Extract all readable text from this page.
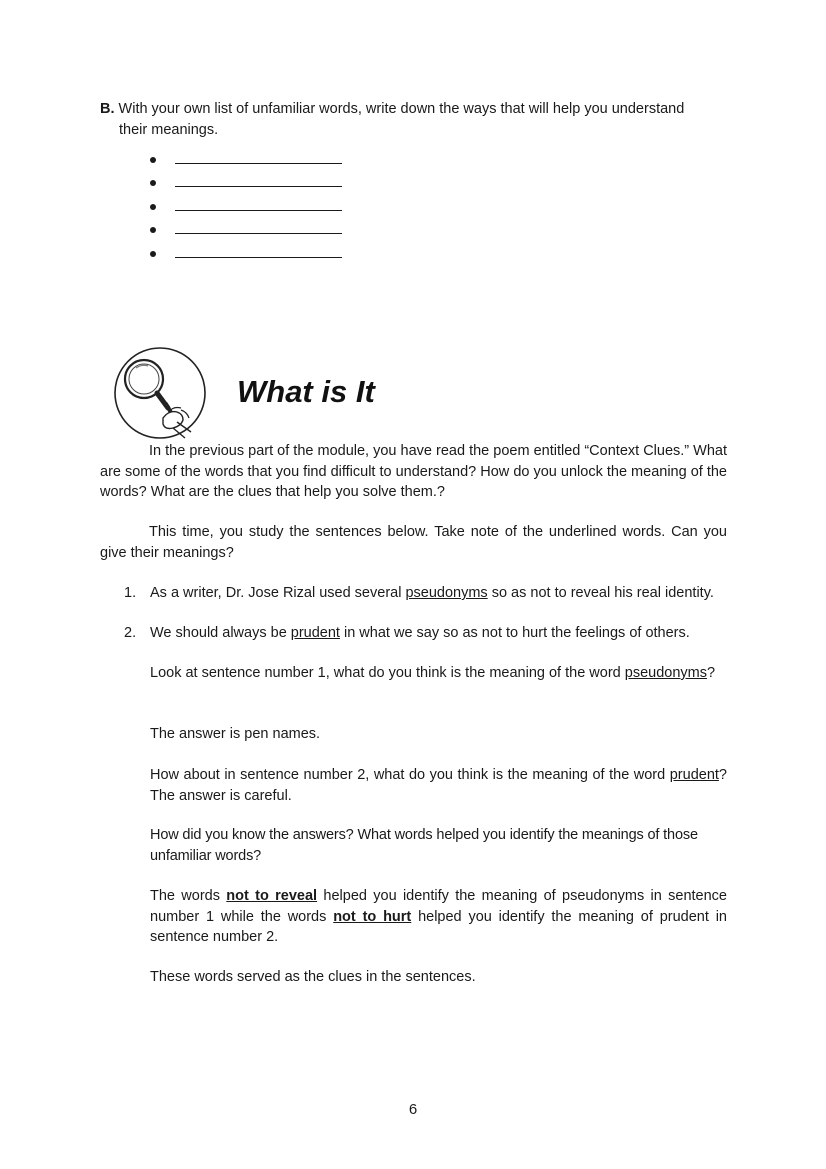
B. With your own list of unfamiliar words, write down the ways that will help you understand
their meanings.
What is It

In the previous part of the module, you have read the poem entitled “Context Clues.” What are some of the words that you find difficult to understand? How do you unlock the meaning of the words? What are the clues that help you solve them.?

This time, you study the sentences below. Take note of the underlined words. Can you give their meanings?

1. As a writer, Dr. Jose Rizal used several pseudonyms so as not to reveal his real identity.
2. We should always be prudent in what we say so as not to hurt the feelings of others.

Look at sentence number 1, what do you think is the meaning of the word pseudonyms?

The answer is pen names.

How about in sentence number 2, what do you think is the meaning of the word prudent? The answer is careful.

How did you know the answers? What words helped you identify the meanings of those unfamiliar words?

The words not to reveal helped you identify the meaning of pseudonyms in sentence number 1 while the words not to hurt helped you identify the meaning of prudent in sentence number 2.

These words served as the clues in the sentences.

6
